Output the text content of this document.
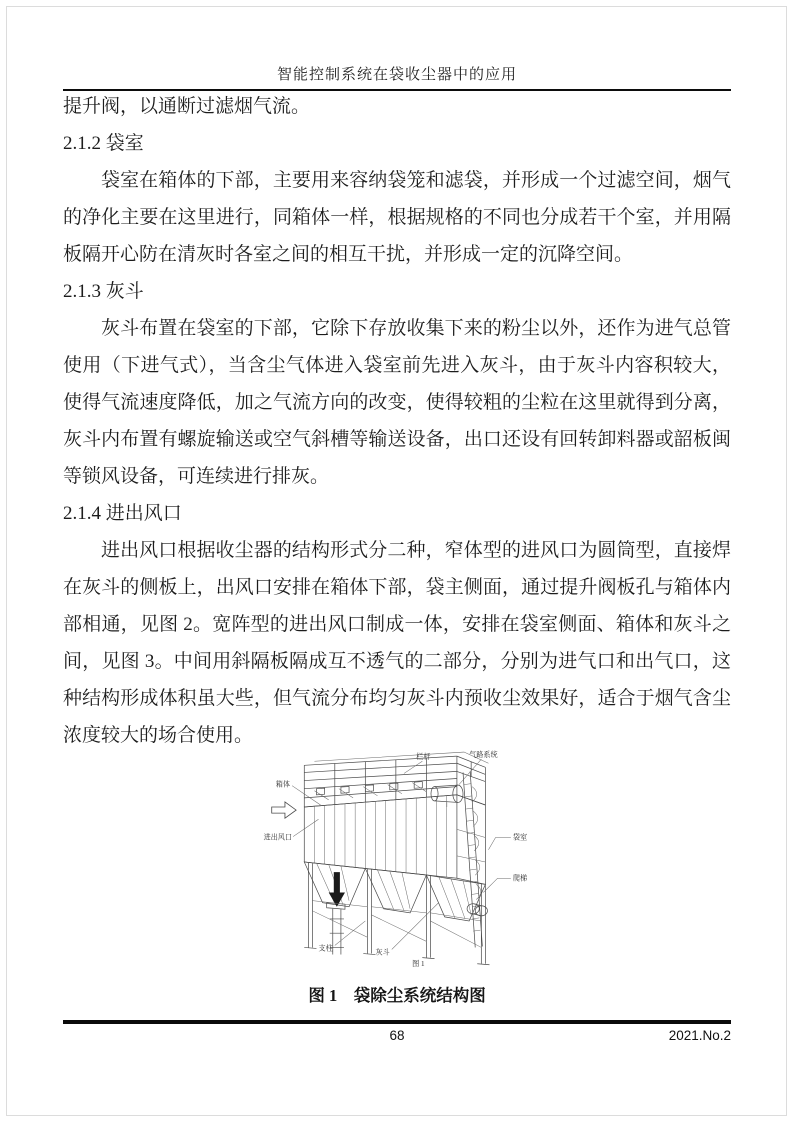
智能控制系统在袋收尘器中的应用

提升阀，以通断过滤烟气流。

2.1.2 袋室

袋室在箱体的下部，主要用来容纳袋笼和滤袋，并形成一个过滤空间，烟气的净化主要在这里进行，同箱体一样，根据规格的不同也分成若干个室，并用隔板隔开心防在清灰时各室之间的相互干扰，并形成一定的沉降空间。

2.1.3 灰斗

灰斗布置在袋室的下部，它除下存放收集下来的粉尘以外，还作为进气总管使用（下进气式），当含尘气体进入袋室前先进入灰斗，由于灰斗内容积较大，使得气流速度降低，加之气流方向的改变，使得较粗的尘粒在这里就得到分离，灰斗内布置有螺旋输送或空气斜槽等输送设备，出口还设有回转卸料器或韶板闽等锁风设备，可连续进行排灰。

2.1.4 进出风口

进出风口根据收尘器的结构形式分二种，窄体型的进风口为圆筒型，直接焊在灰斗的侧板上，出风口安排在箱体下部，袋主侧面，通过提升阀板孔与箱体内部相通，见图 2。宽阵型的进出风口制成一体，安排在袋室侧面、箱体和灰斗之间，见图 3。中间用斜隔板隔成互不透气的二部分，分别为进气口和出气口，这种结构形成体积虽大些，但气流分布均匀灰斗内预收尘效果好，适合于烟气含尘浓度较大的场合使用。

箱体
栏杆	气路系统
进出风口	袋室
爬梯
支柱
灰斗
图 1
图 1　袋除尘系统结构图
68	2021.No.2
